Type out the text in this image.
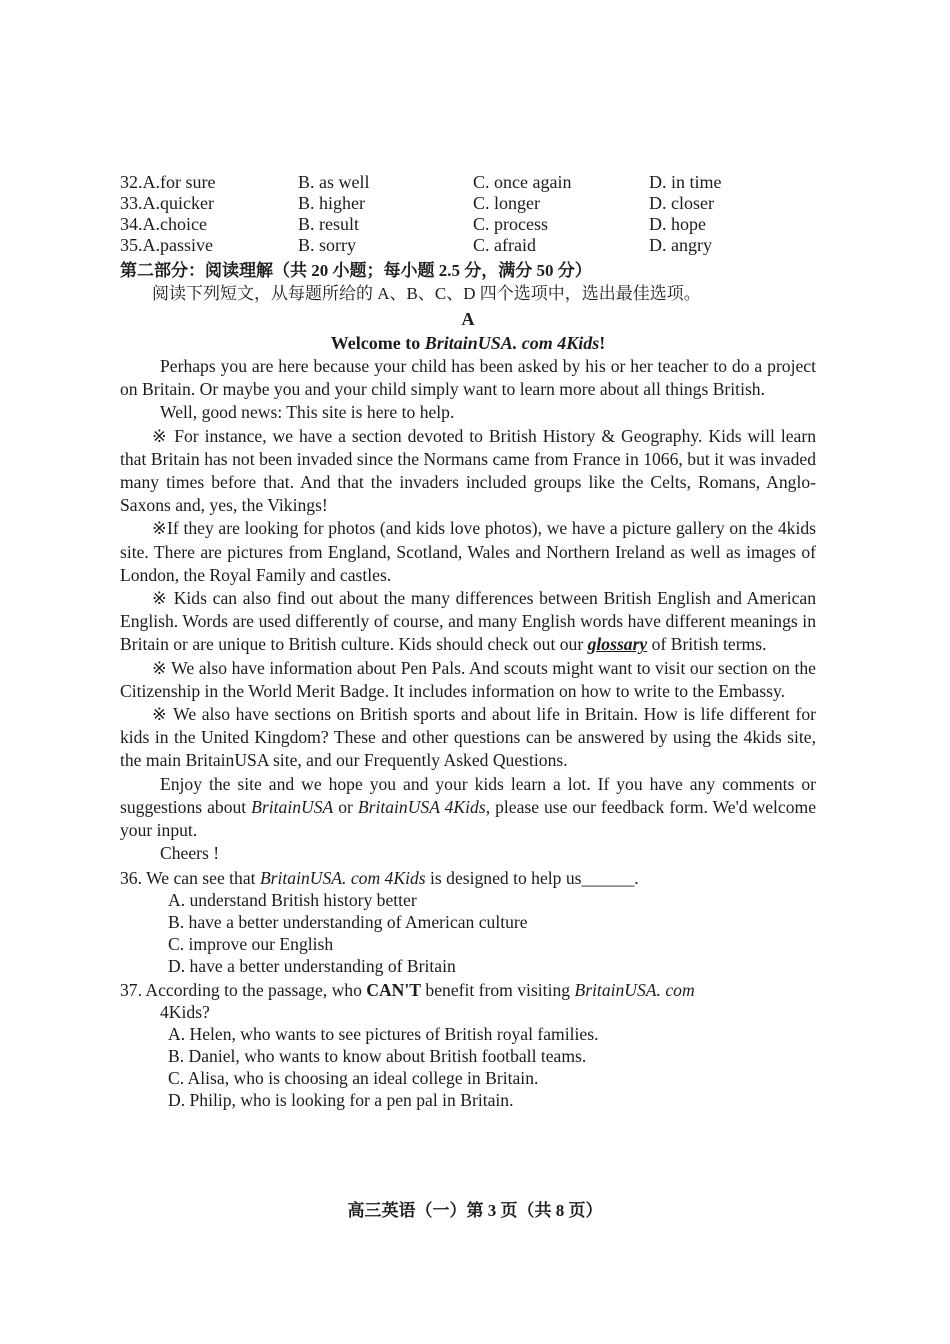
32.A.for sure	B. as well	C. once again	D. in time
33.A.quicker	B. higher	C. longer	D. closer
34.A.choice	B. result	C. process	D. hope
35.A.passive	B. sorry	C. afraid	D. angry
第二部分：阅读理解（共 20 小题；每小题 2.5 分，满分 50 分）
阅读下列短文，从每题所给的 A、B、C、D 四个选项中，选出最佳选项。
A
Welcome to BritainUSA. com 4Kids!

Perhaps you are here because your child has been asked by his or her teacher to do a project on Britain. Or maybe you and your child simply want to learn more about all things British.

Well, good news: This site is here to help.

※ For instance, we have a section devoted to British History & Geography. Kids will learn that Britain has not been invaded since the Normans came from France in 1066, but it was invaded many times before that. And that the invaders included groups like the Celts, Romans, Anglo-Saxons and, yes, the Vikings!

※If they are looking for photos (and kids love photos), we have a picture gallery on the 4kids site. There are pictures from England, Scotland, Wales and Northern Ireland as well as images of London, the Royal Family and castles.

※ Kids can also find out about the many differences between British English and American English. Words are used differently of course, and many English words have different meanings in Britain or are unique to British culture. Kids should check out our glossary of British terms.

※ We also have information about Pen Pals. And scouts might want to visit our section on the Citizenship in the World Merit Badge. It includes information on how to write to the Embassy.

※ We also have sections on British sports and about life in Britain. How is life different for kids in the United Kingdom? These and other questions can be answered by using the 4kids site, the main BritainUSA site, and our Frequently Asked Questions.

Enjoy the site and we hope you and your kids learn a lot. If you have any comments or suggestions about BritainUSA or BritainUSA 4Kids, please use our feedback form. We'd welcome your input.

Cheers !

36. We can see that BritainUSA. com 4Kids is designed to help us______.
A. understand British history better
B. have a better understanding of American culture
C. improve our English
D. have a better understanding of Britain
37. According to the passage, who CAN'T benefit from visiting BritainUSA. com
4Kids?
A. Helen, who wants to see pictures of British royal families.
B. Daniel, who wants to know about British football teams.
C. Alisa, who is choosing an ideal college in Britain.
D. Philip, who is looking for a pen pal in Britain.
高三英语（一）第 3 页（共 8 页）
